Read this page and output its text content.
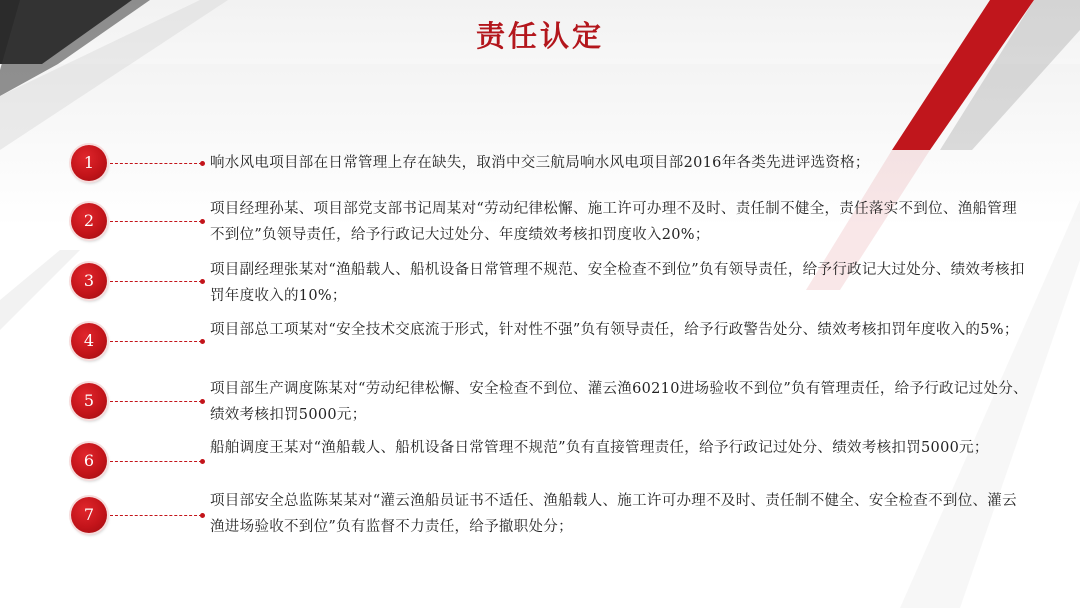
责任认定
1	响水风电项目部在日常管理上存在缺失，取消中交三航局响水风电项目部2016年各类先进评选资格；
2
项目经理孙某、项目部党支部书记周某对“劳动纪律松懈、施工许可办理不及时、责任制不健全，责任落实不到位、渔船管理不到位”负领导责任，给予行政记大过处分、年度绩效考核扣罚度收入20%；
3
项目副经理张某对“渔船载人、船机设备日常管理不规范、安全检查不到位”负有领导责任，给予行政记大过处分、绩效考核扣罚年度收入的10%；
4
项目部总工项某对“安全技术交底流于形式，针对性不强”负有领导责任，给予行政警告处分、绩效考核扣罚年度收入的5%；
5
项目部生产调度陈某对“劳动纪律松懈、安全检查不到位、灌云渔60210进场验收不到位”负有管理责任，给予行政记过处分、绩效考核扣罚5000元；
6
船舶调度王某对“渔船载人、船机设备日常管理不规范”负有直接管理责任，给予行政记过处分、绩效考核扣罚5000元；
7
项目部安全总监陈某某对“灌云渔船员证书不适任、渔船载人、施工许可办理不及时、责任制不健全、安全检查不到位、灌云渔进场验收不到位”负有监督不力责任，给予撤职处分；
